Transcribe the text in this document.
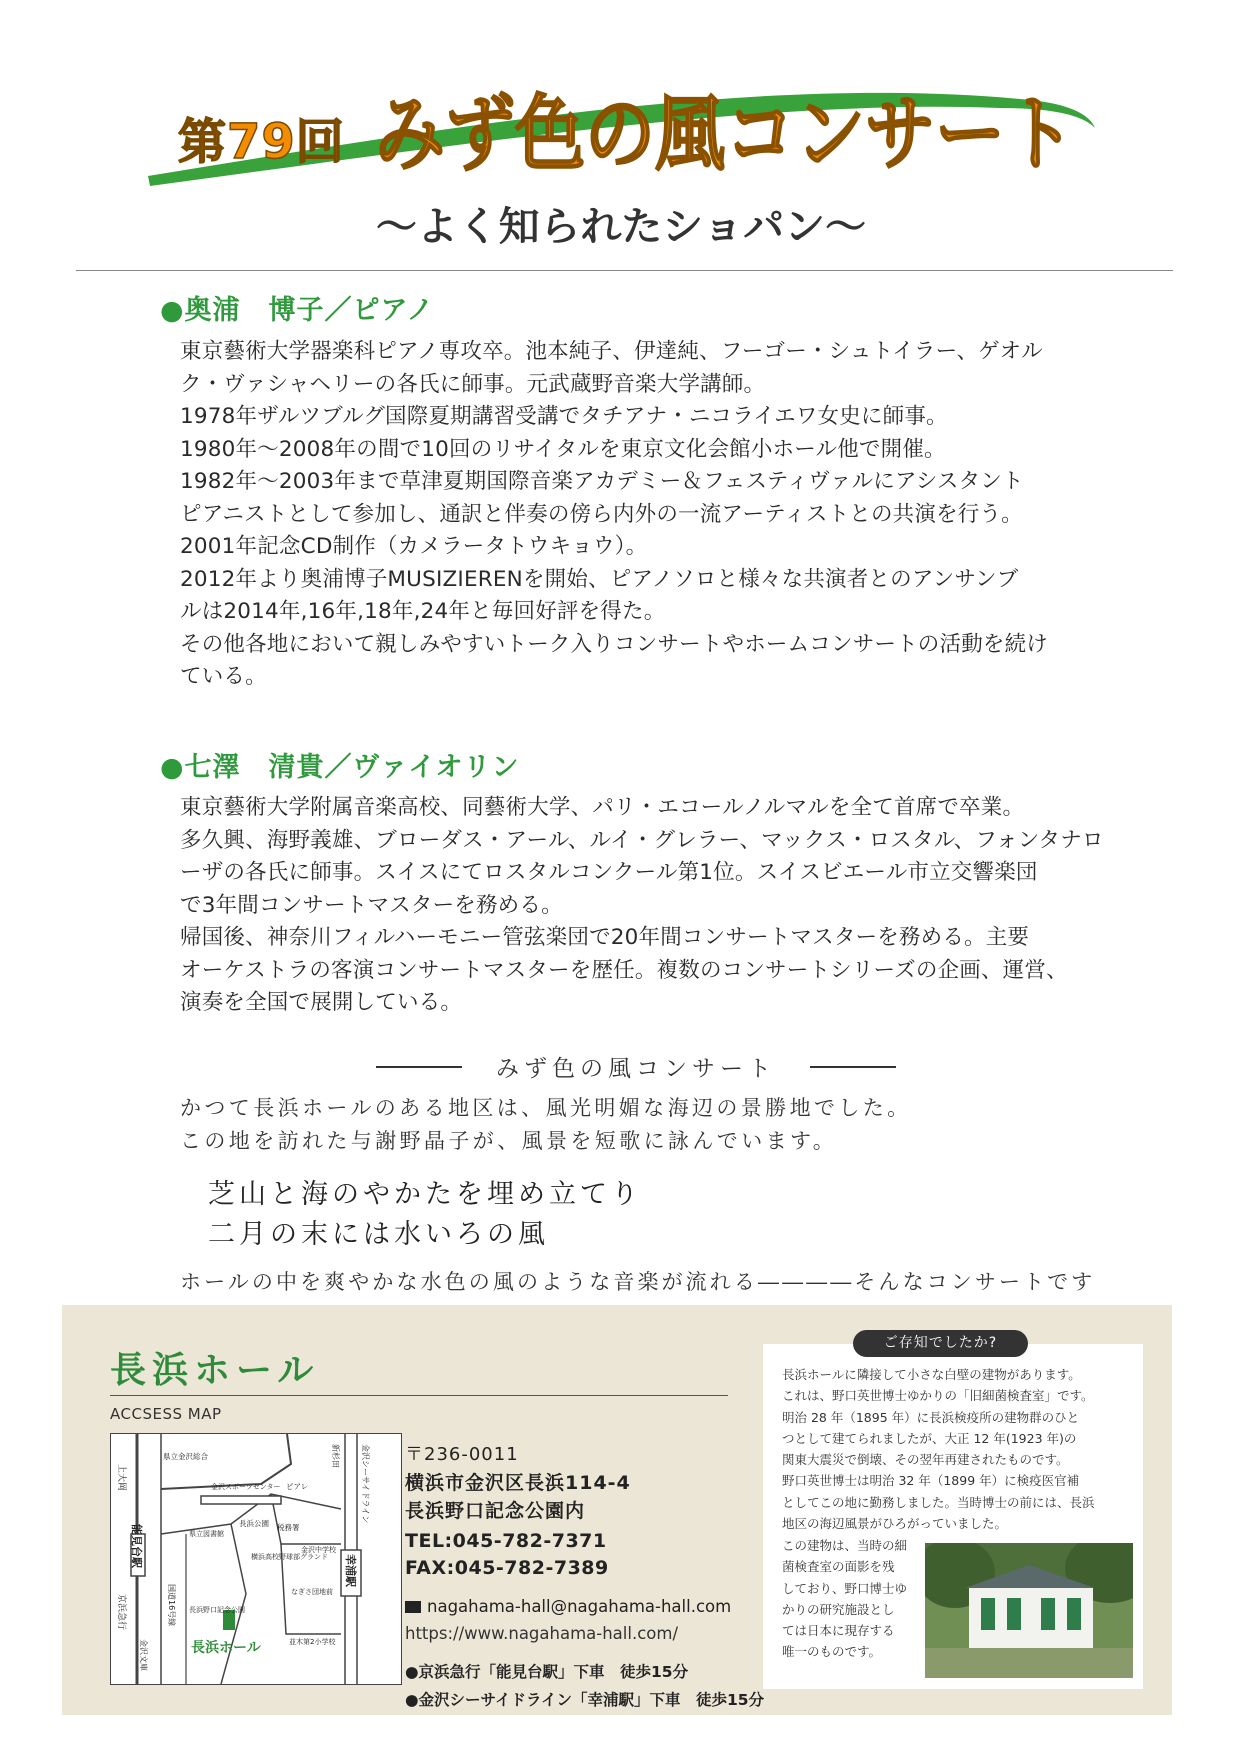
第79回 みず色の風コンサート
〜よく知られたショパン〜
●奥浦　博子／ピアノ
東京藝術大学器楽科ピアノ専攻卒。池本純子、伊達純、フーゴー・シュトイラー、ゲオル
ク・ヴァシャヘリーの各氏に師事。元武蔵野音楽大学講師。
1978年ザルツブルグ国際夏期講習受講でタチアナ・ニコライエワ女史に師事。
1980年〜2008年の間で10回のリサイタルを東京文化会館小ホール他で開催。
1982年〜2003年まで草津夏期国際音楽アカデミー＆フェスティヴァルにアシスタント
ピアニストとして参加し、通訳と伴奏の傍ら内外の一流アーティストとの共演を行う。
2001年記念CD制作（カメラータトウキョウ）。
2012年より奥浦博子MUSIZIERENを開始、ピアノソロと様々な共演者とのアンサンブ
ルは2014年,16年,18年,24年と毎回好評を得た。
その他各地において親しみやすいトーク入りコンサートやホームコンサートの活動を続け
ている。
●七澤　清貴／ヴァイオリン
東京藝術大学附属音楽高校、同藝術大学、パリ・エコールノルマルを全て首席で卒業。
多久興、海野義雄、ブローダス・アール、ルイ・グレラー、マックス・ロスタル、フォンタナロ
ーザの各氏に師事。スイスにてロスタルコンクール第1位。スイスビエール市立交響楽団
で3年間コンサートマスターを務める。
帰国後、神奈川フィルハーモニー管弦楽団で20年間コンサートマスターを務める。主要
オーケストラの客演コンサートマスターを歴任。複数のコンサートシリーズの企画、運営、
演奏を全国で展開している。
みず色の風コンサート
かつて長浜ホールのある地区は、風光明媚な海辺の景勝地でした。
この地を訪れた与謝野晶子が、風景を短歌に詠んでいます。
芝山と海のやかたを埋め立てり
二月の末には水いろの風
ホールの中を爽やかな水色の風のような音楽が流れる――――そんなコンサートです
長浜ホール
ACCSESS MAP
上大岡
能見台駅
京浜急行
金沢文庫
国道16号線
県立金沢総合
金沢スポーツセンター ピアレ
県立図書館
長浜公園 税務署
横浜高校野球部グランド
金沢中学校
長浜野口記念公園
なぎさ団地前
並木第2小学校
新杉田	金沢シーサイドライン
幸浦駅
長浜ホール
〒236-0011
横浜市金沢区長浜114-4
長浜野口記念公園内
TEL:045-782-7371
FAX:045-782-7389
nagahama-hall@nagahama-hall.com
https://www.nagahama-hall.com/
●京浜急行「能見台駅」下車　徒歩15分
●金沢シーサイドライン「幸浦駅」下車　徒歩15分
ご存知でしたか?
長浜ホールに隣接して小さな白壁の建物があります。
これは、野口英世博士ゆかりの「旧細菌検査室」です。
明治 28 年（1895 年）に長浜検疫所の建物群のひと
つとして建てられましたが、大正 12 年(1923 年)の
関東大震災で倒壊、その翌年再建されたものです。
野口英世博士は明治 32 年（1899 年）に検疫医官補
としてこの地に勤務しました。当時博士の前には、長浜
地区の海辺風景がひろがっていました。
この建物は、当時の細
菌検査室の面影を残
しており、野口博士ゆ
かりの研究施設とし
ては日本に現存する
唯一のものです。
